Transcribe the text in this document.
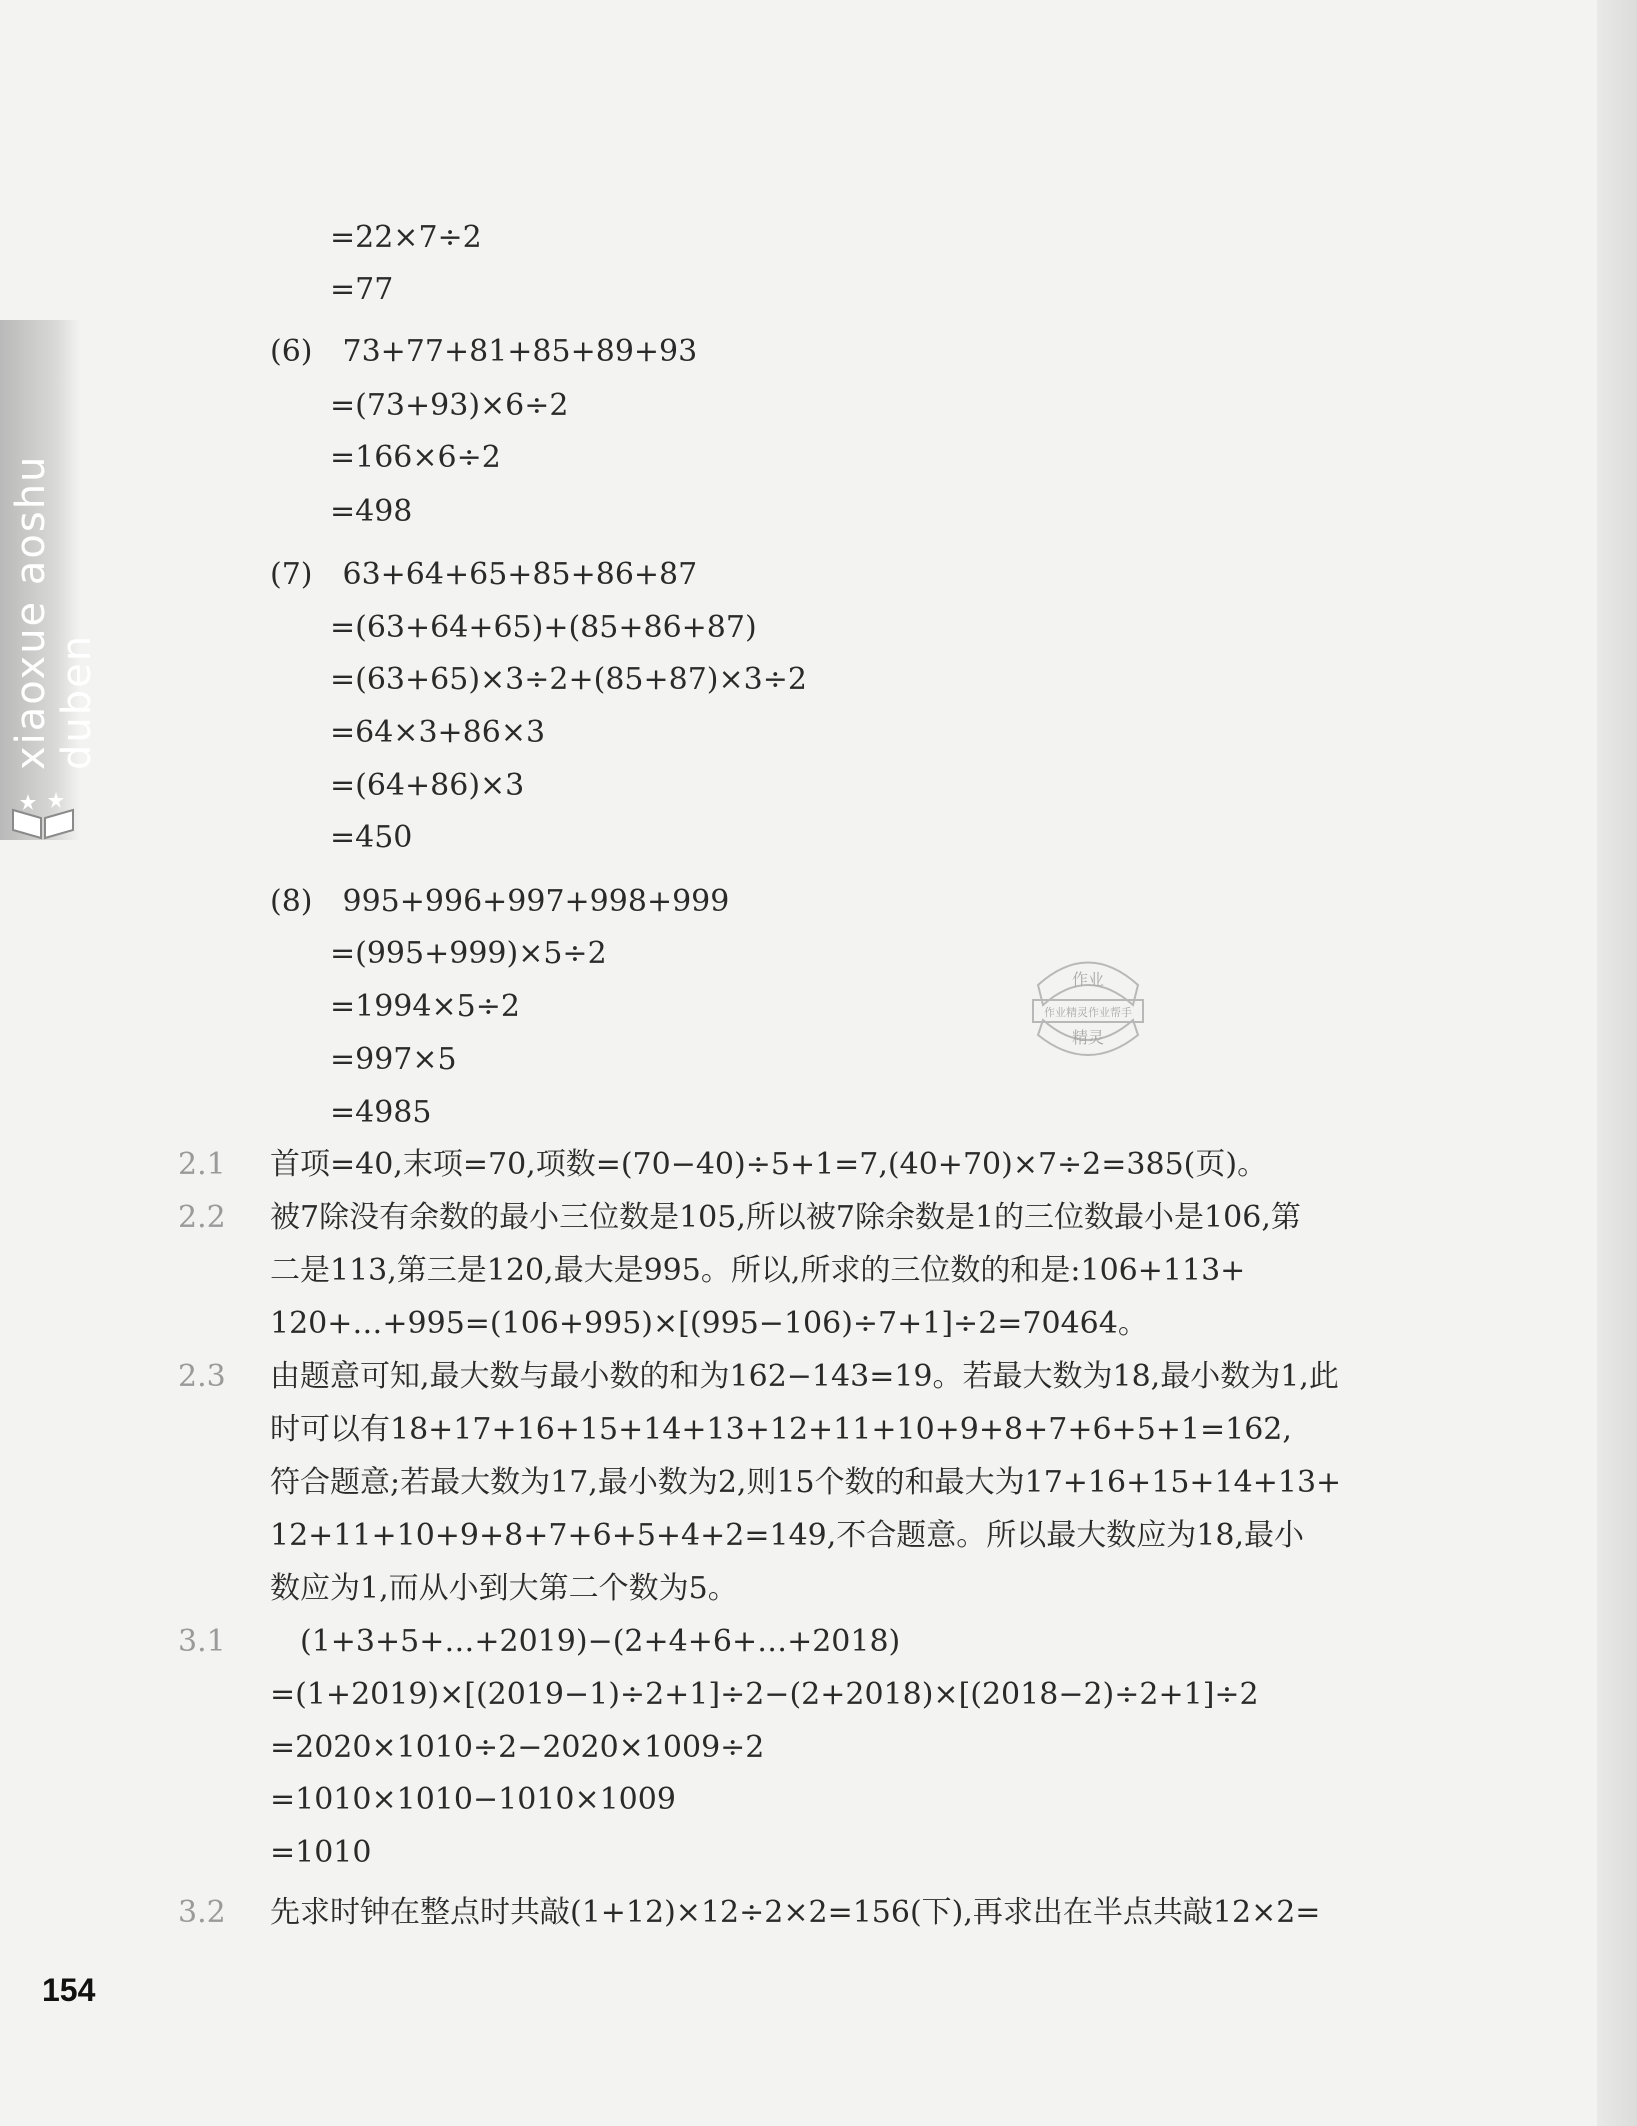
xiaoxue aoshu duben
=22×7÷2
=77
(6)　73+77+81+85+89+93
=(73+93)×6÷2
=166×6÷2
=498
(7)　63+64+65+85+86+87
=(63+64+65)+(85+86+87)
=(63+65)×3÷2+(85+87)×3÷2
=64×3+86×3
=(64+86)×3
=450
(8)　995+996+997+998+999
=(995+999)×5÷2
=1994×5÷2
=997×5
=4985
2.1 首项=40,末项=70,项数=(70−40)÷5+1=7,(40+70)×7÷2=385(页)。
2.2 被7除没有余数的最小三位数是105,所以被7除余数是1的三位数最小是106,第
二是113,第三是120,最大是995。所以,所求的三位数的和是:106+113+
120+…+995=(106+995)×[(995−106)÷7+1]÷2=70464。
2.3 由题意可知,最大数与最小数的和为162−143=19。若最大数为18,最小数为1,此
时可以有18+17+16+15+14+13+12+11+10+9+8+7+6+5+1=162,
符合题意;若最大数为17,最小数为2,则15个数的和最大为17+16+15+14+13+
12+11+10+9+8+7+6+5+4+2=149,不合题意。所以最大数应为18,最小
数应为1,而从小到大第二个数为5。
3.1 (1+3+5+…+2019)−(2+4+6+…+2018)
=(1+2019)×[(2019−1)÷2+1]÷2−(2+2018)×[(2018−2)÷2+1]÷2
=2020×1010÷2−2020×1009÷2
=1010×1010−1010×1009
=1010
3.2 先求时钟在整点时共敲(1+12)×12÷2×2=156(下),再求出在半点共敲12×2=
作业
作业精灵作业帮手
精灵
154
